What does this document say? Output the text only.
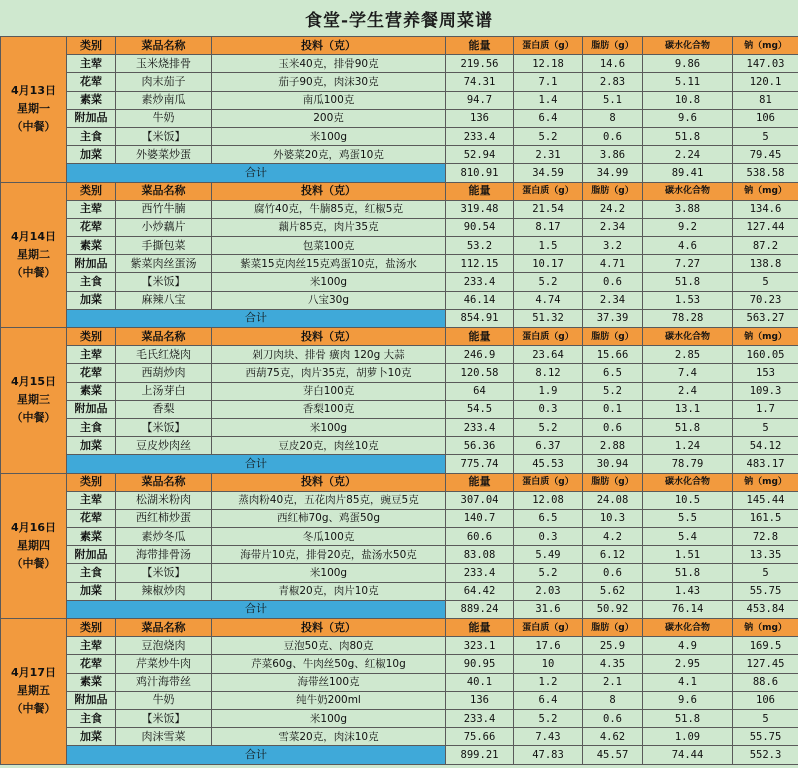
食堂-学生营养餐周菜谱
4月13日
星期一
（中餐）	类别	菜品名称	投料（克）	能量	蛋白质（g）	脂肪（g）	碳水化合物	钠（mg）
	主荤	玉米烧排骨	玉米40克，排骨90克	219.56	12.18	14.6	9.86	147.03
	花荤	肉末茄子	茄子90克，肉沫30克	74.31	7.1	2.83	5.11	120.1
	素菜	素炒南瓜	南瓜100克	94.7	1.4	5.1	10.8	81
	附加品	牛奶	200克	136	6.4	8	9.6	106
	主食	【米饭】	米100g	233.4	5.2	0.6	51.8	5
	加菜	外婆菜炒蛋	外婆菜20克，鸡蛋10克	52.94	2.31	3.86	2.24	79.45
	合计			810.91	34.59	34.99	89.41	538.58

4月14日
星期二
（中餐）	类别	菜品名称	投料（克）	能量	蛋白质（g）	脂肪（g）	碳水化合物	钠（mg）
	主荤	西竹牛腩	腐竹40克，牛腩85克，红椒5克	319.48	21.54	24.2	3.88	134.6
	花荤	小炒藕片	藕片85克，肉片35克	90.54	8.17	2.34	9.2	127.44
	素菜	手撕包菜	包菜100克	53.2	1.5	3.2	4.6	87.2
	附加品	紫菜肉丝蛋汤	紫菜15克肉丝15克鸡蛋10克，盐汤水	112.15	10.17	4.71	7.27	138.8
	主食	【米饭】	米100g	233.4	5.2	0.6	51.8	5
	加菜	麻辣八宝	八宝30g	46.14	4.74	2.34	1.53	70.23
	合计			854.91	51.32	37.39	78.28	563.27

4月15日
星期三
（中餐）	类别	菜品名称	投料（克）	能量	蛋白质（g）	脂肪（g）	碳水化合物	钠（mg）
	主荤	毛氏红烧肉	剁刀肉块、排骨 癀肉 120g 大蒜	246.9	23.64	15.66	2.85	160.05
	花荤	西葫炒肉	西葫75克，肉片35克，胡萝卜10克	120.58	8.12	6.5	7.4	153
	素菜	上汤芽白	芽白100克	64	1.9	5.2	2.4	109.3
	附加品	香梨	香梨100克	54.5	0.3	0.1	13.1	1.7
	主食	【米饭】	米100g	233.4	5.2	0.6	51.8	5
	加菜	豆皮炒肉丝	豆皮20克，肉丝10克	56.36	6.37	2.88	1.24	54.12
	合计			775.74	45.53	30.94	78.79	483.17

4月16日
星期四
（中餐）	类别	菜品名称	投料（克）	能量	蛋白质（g）	脂肪（g）	碳水化合物	钠（mg）
	主荤	松湖米粉肉	蒸肉粉40克，五花肉片85克，豌豆5克	307.04	12.08	24.08	10.5	145.44
	花荤	西红柿炒蛋	西红柿70g、鸡蛋50g	140.7	6.5	10.3	5.5	161.5
	素菜	素炒冬瓜	冬瓜100克	60.6	0.3	4.2	5.4	72.8
	附加品	海带排骨汤	海带片10克，排骨20克，盐汤水50克	83.08	5.49	6.12	1.51	13.35
	主食	【米饭】	米100g	233.4	5.2	0.6	51.8	5
	加菜	辣椒炒肉	青椒20克，肉片10克	64.42	2.03	5.62	1.43	55.75
	合计			889.24	31.6	50.92	76.14	453.84

4月17日
星期五
（中餐）	类别	菜品名称	投料（克）	能量	蛋白质（g）	脂肪（g）	碳水化合物	钠（mg）
	主荤	豆泡烧肉	豆泡50克、肉80克	323.1	17.6	25.9	4.9	169.5
	花荤	芹菜炒牛肉	芹菜60g、牛肉丝50g、红椒10g	90.95	10	4.35	2.95	127.45
	素菜	鸡汁海带丝	海带丝100克	40.1	1.2	2.1	4.1	88.6
	附加品	牛奶	纯牛奶200ml	136	6.4	8	9.6	106
	主食	【米饭】	米100g	233.4	5.2	0.6	51.8	5
	加菜	肉沫雪菜	雪菜20克，肉沫10克	75.66	7.43	4.62	1.09	55.75
	合计			899.21	47.83	45.57	74.44	552.3
